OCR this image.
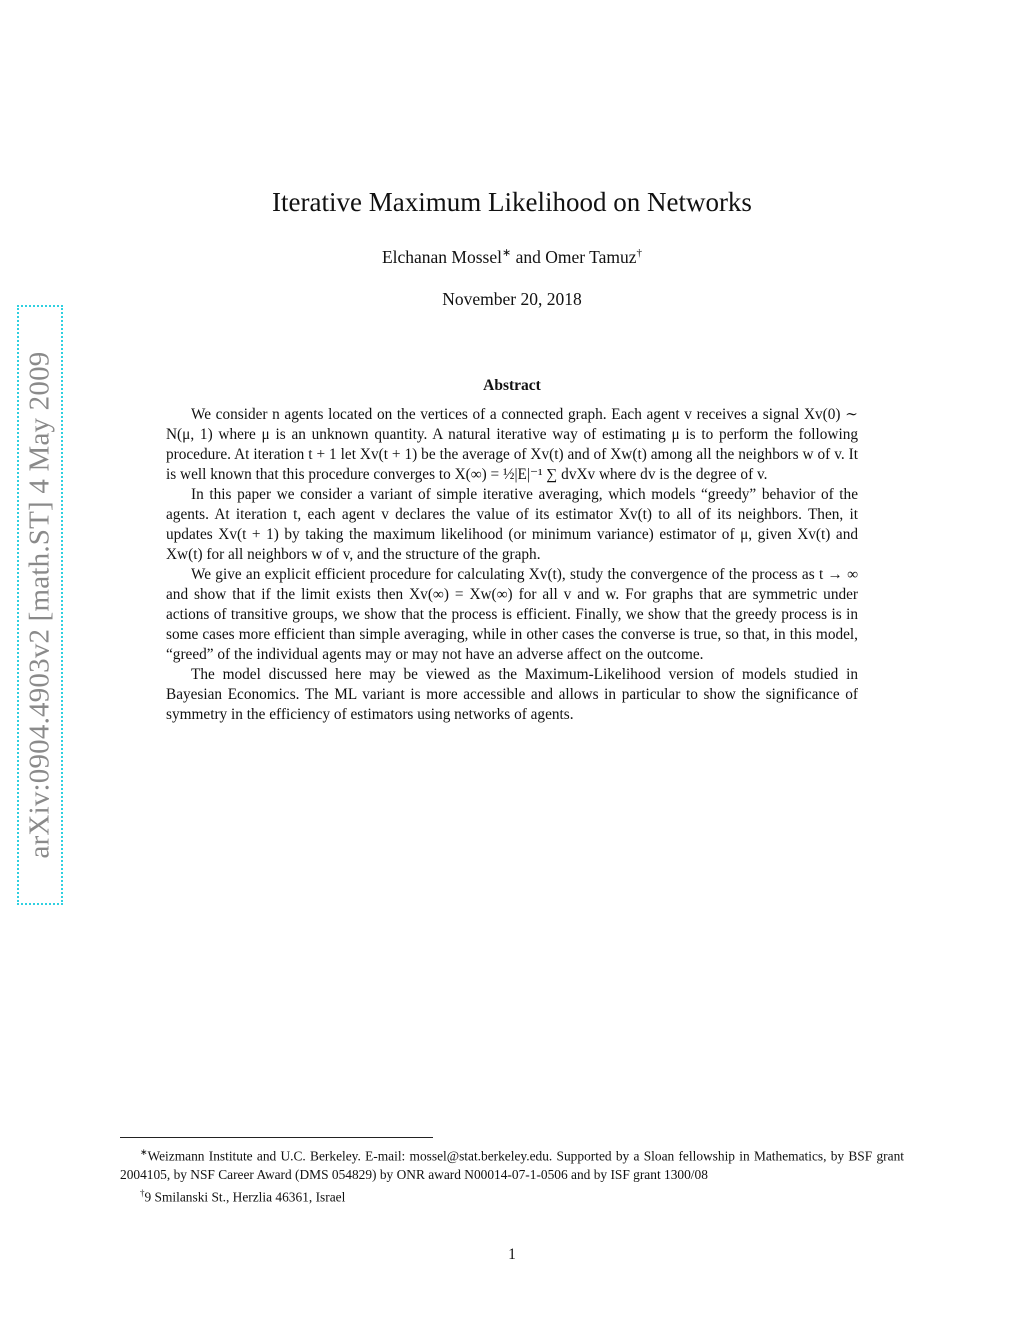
arXiv:0904.4903v2 [math.ST] 4 May 2009
Iterative Maximum Likelihood on Networks
Elchanan Mossel∗ and Omer Tamuz†
November 20, 2018
Abstract

We consider n agents located on the vertices of a connected graph. Each agent v receives a signal Xv(0) ∼ N(μ, 1) where μ is an unknown quantity. A natural iterative way of estimating μ is to perform the following procedure. At iteration t + 1 let Xv(t + 1) be the average of Xv(t) and of Xw(t) among all the neighbors w of v. It is well known that this procedure converges to X(∞) = ½|E|⁻¹ ∑ dvXv where dv is the degree of v.

In this paper we consider a variant of simple iterative averaging, which models “greedy” behavior of the agents. At iteration t, each agent v declares the value of its estimator Xv(t) to all of its neighbors. Then, it updates Xv(t + 1) by taking the maximum likelihood (or minimum variance) estimator of μ, given Xv(t) and Xw(t) for all neighbors w of v, and the structure of the graph.

We give an explicit efficient procedure for calculating Xv(t), study the convergence of the process as t → ∞ and show that if the limit exists then Xv(∞) = Xw(∞) for all v and w. For graphs that are symmetric under actions of transitive groups, we show that the process is efficient. Finally, we show that the greedy process is in some cases more efficient than simple averaging, while in other cases the converse is true, so that, in this model, “greed” of the individual agents may or may not have an adverse affect on the outcome.

The model discussed here may be viewed as the Maximum-Likelihood version of models studied in Bayesian Economics. The ML variant is more accessible and allows in particular to show the significance of symmetry in the efficiency of estimators using networks of agents.

∗Weizmann Institute and U.C. Berkeley. E-mail: mossel@stat.berkeley.edu. Supported by a Sloan fellowship in Mathematics, by BSF grant 2004105, by NSF Career Award (DMS 054829) by ONR award N00014-07-1-0506 and by ISF grant 1300/08

†9 Smilanski St., Herzlia 46361, Israel

1
